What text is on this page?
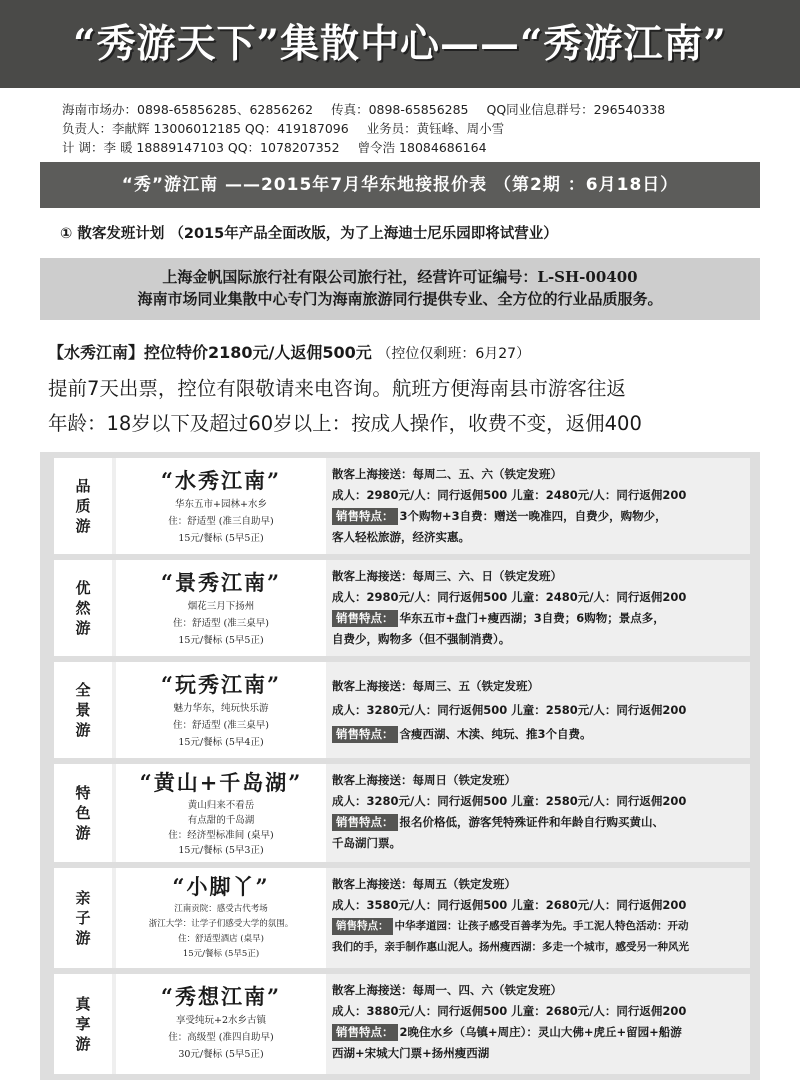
“秀游天下”集散中心——“秀游江南”
海南市场办：0898-65856285、62856262 传真：0898-65856285 QQ同业信息群号：296540338
负责人：李献辉 13006012185 QQ：419187096 业务员：黄钰峰、周小雪
计 调：李 暖 18889147103 QQ：1078207352 曾令浩 18084686164
“秀”游江南 ——2015年7月华东地接报价表 （第2期 ：6月18日）
① 散客发班计划 （2015年产品全面改版，为了上海迪士尼乐园即将试营业）
上海金帆国际旅行社有限公司旅行社，经营许可证编号：L-SH-00400
海南市场同业集散中心专门为海南旅游同行提供专业、全方位的行业品质服务。
【水秀江南】控位特价2180元/人返佣500元 （控位仅剩班：6月27）
提前7天出票，控位有限敬请来电咨询。航班方便海南县市游客往返
年龄：18岁以下及超过60岁以上：按成人操作，收费不变，返佣400
品质游
“水秀江南”
华东五市+园林+水乡
住：舒适型 (准三自助早)
15元/餐标 (5早5正)
散客上海接送：每周二、五、六（铁定发班）
成人：2980元/人：同行返佣500 儿童：2480元/人：同行返佣200
销售特点： 3个购物+3自费：赠送一晚准四，自费少，购物少，
客人轻松旅游，经济实惠。
优然游
“景秀江南”
烟花三月下扬州
住：舒适型 (准三桌早)
15元/餐标 (5早5正)
散客上海接送：每周三、六、日（铁定发班）
成人：2980元/人：同行返佣500 儿童：2480元/人：同行返佣200
销售特点： 华东五市+盘门+瘦西湖；3自费；6购物；景点多，
自费少，购物多（但不强制消费）。
全景游
“玩秀江南”
魅力华东，纯玩快乐游
住：舒适型 (准三桌早)
15元/餐标 (5早4正)
散客上海接送：每周三、五（铁定发班）
成人：3280元/人：同行返佣500 儿童：2580元/人：同行返佣200
销售特点： 含瘦西湖、木渎、纯玩、推3个自费。
特色游
“黄山+千岛湖”
黄山归来不看岳
有点甜的千岛湖
住：经济型标准间 (桌早)
15元/餐标 (5早3正)
散客上海接送：每周日（铁定发班）
成人：3280元/人：同行返佣500 儿童：2580元/人：同行返佣200
销售特点： 报名价格低，游客凭特殊证件和年龄自行购买黄山、
千岛湖门票。
亲子游
“小脚丫”
江南贡院：感受古代考场
浙江大学：让学子们感受大学的氛围。
住：舒适型酒店 (桌早)
15元/餐标 (5早5正)
散客上海接送：每周五（铁定发班）
成人：3580元/人：同行返佣500 儿童：2680元/人：同行返佣200
销售特点： 中华孝道园：让孩子感受百善孝为先。手工泥人特色活动：开动
我们的手，亲手制作惠山泥人。扬州瘦西湖：多走一个城市，感受另一种风光
真享游
“秀想江南”
享受纯玩+2水乡古镇
住：高级型 (准四自助早)
30元/餐标 (5早5正)
散客上海接送：每周一、四、六（铁定发班）
成人：3880元/人：同行返佣500 儿童：2680元/人：同行返佣200
销售特点： 2晚住水乡（乌镇+周庄）：灵山大佛+虎丘+留园+船游
西湖+宋城大门票+扬州瘦西湖
